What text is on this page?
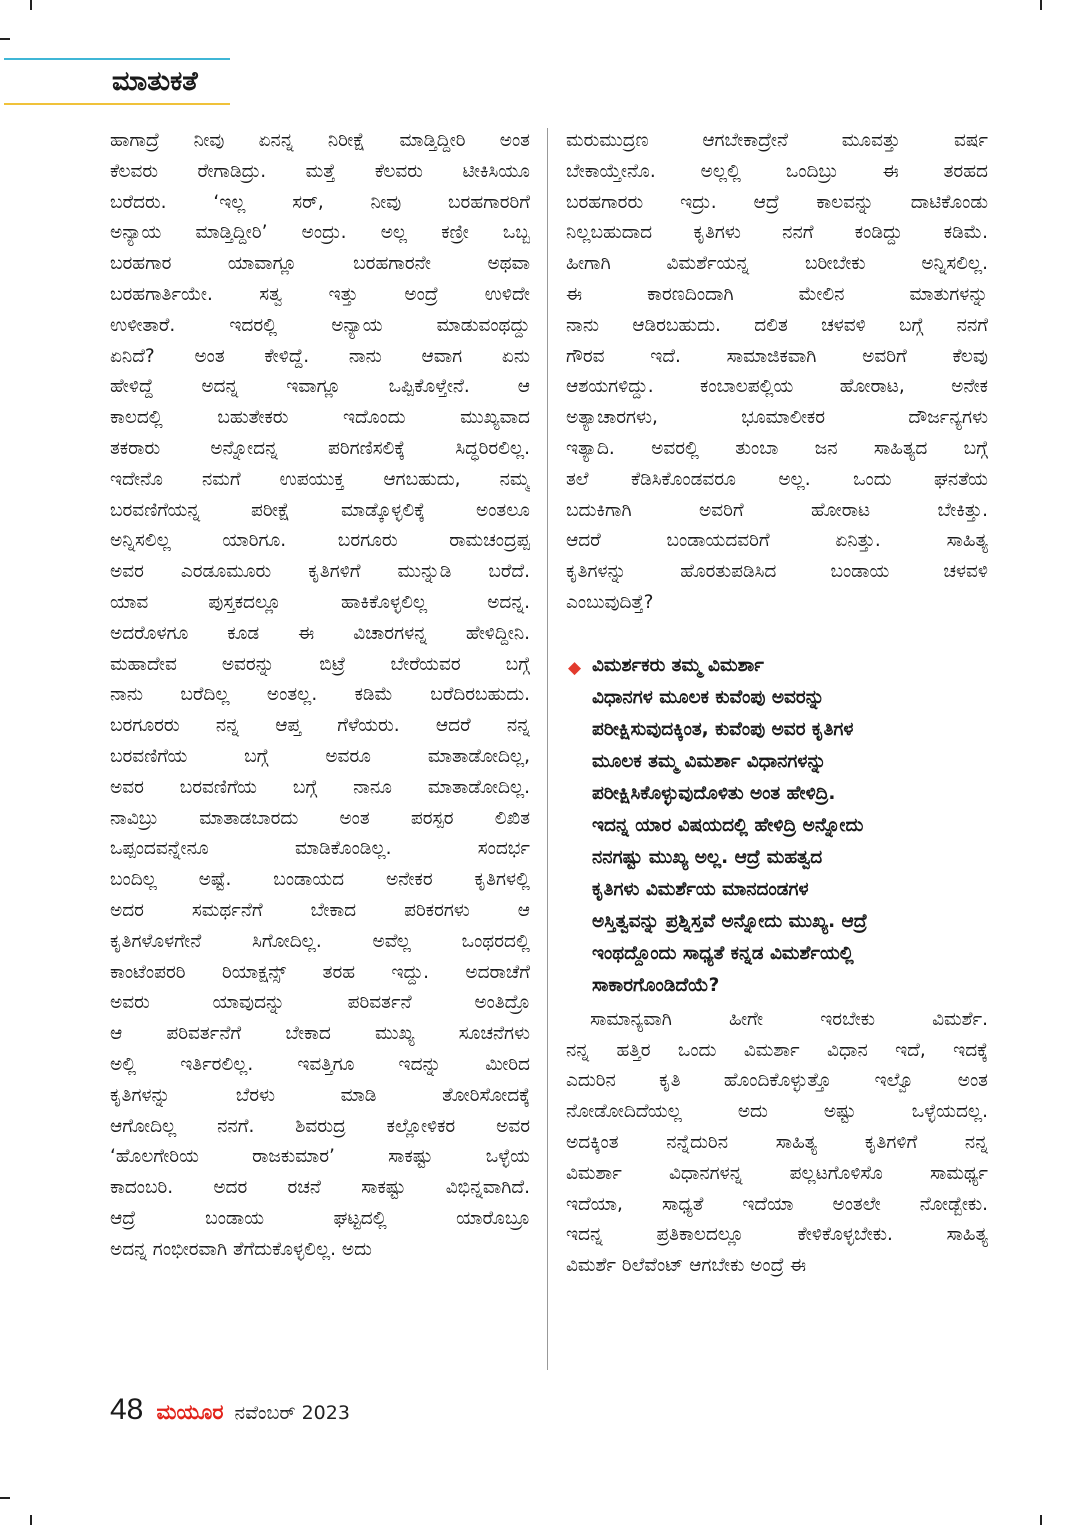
ಮಾತುಕತೆ
ಹಾಗಾದ್ರೆ ನೀವು ಏನನ್ನ ನಿರೀಕ್ಷೆ ಮಾಡ್ತಿದ್ದೀರಿ ಅಂತ
ಕೆಲವರು ರೇಗಾಡಿದ್ರು. ಮತ್ತೆ ಕೆಲವರು ಟೀಕಿಸಿಯೂ
ಬರೆದರು. ‘ಇಲ್ಲ ಸರ್, ನೀವು ಬರಹಗಾರರಿಗೆ
ಅನ್ಯಾಯ ಮಾಡ್ತಿದ್ದೀರಿ’ ಅಂದ್ರು. ಅಲ್ಲ ಕಣ್ರೀ ಒಬ್ಬ
ಬರಹಗಾರ ಯಾವಾಗ್ಲೂ ಬರಹಗಾರನೇ ಅಥವಾ
ಬರಹಗಾರ್ತಿಯೇ. ಸತ್ವ ಇತ್ತು ಅಂದ್ರೆ ಉಳಿದೇ
ಉಳೀತಾರೆ. ಇದರಲ್ಲಿ ಅನ್ಯಾಯ ಮಾಡುವಂಥದ್ದು
ಏನಿದೆ? ಅಂತ ಕೇಳಿದ್ದೆ. ನಾನು ಆವಾಗ ಏನು
ಹೇಳಿದ್ದೆ ಅದನ್ನ ಇವಾಗ್ಲೂ ಒಪ್ಪಿಕೊಳ್ತೇನೆ. ಆ
ಕಾಲದಲ್ಲಿ ಬಹುತೇಕರು ಇದೊಂದು ಮುಖ್ಯವಾದ
ತಕರಾರು ಅನ್ನೋದನ್ನ ಪರಿಗಣಿಸಲಿಕ್ಕೆ ಸಿದ್ಧರಿರಲಿಲ್ಲ.
ಇದೇನೊ ನಮಗೆ ಉಪಯುಕ್ತ ಆಗಬಹುದು, ನಮ್ಮ
ಬರವಣಿಗೆಯನ್ನ ಪರೀಕ್ಷೆ ಮಾಡ್ಕೊಳ್ಳಲಿಕ್ಕೆ ಅಂತಲೂ
ಅನ್ನಿಸಲಿಲ್ಲ ಯಾರಿಗೂ. ಬರಗೂರು ರಾಮಚಂದ್ರಪ್ಪ
ಅವರ ಎರಡೂಮೂರು ಕೃತಿಗಳಿಗೆ ಮುನ್ನುಡಿ ಬರೆದೆ.
ಯಾವ ಪುಸ್ತಕದಲ್ಲೂ ಹಾಕಿಕೊಳ್ಳಲಿಲ್ಲ ಅದನ್ನ.
ಅದರೊಳಗೂ ಕೂಡ ಈ ವಿಚಾರಗಳನ್ನ ಹೇಳಿದ್ದೀನಿ.
ಮಹಾದೇವ ಅವರನ್ನು ಬಿಟ್ರೆ ಬೇರೆಯವರ ಬಗ್ಗೆ
ನಾನು ಬರೆದಿಲ್ಲ ಅಂತಲ್ಲ. ಕಡಿಮೆ ಬರೆದಿರಬಹುದು.
ಬರಗೂರರು ನನ್ನ ಆಪ್ತ ಗೆಳೆಯರು. ಆದರೆ ನನ್ನ
ಬರವಣಿಗೆಯ ಬಗ್ಗೆ ಅವರೂ ಮಾತಾಡೋದಿಲ್ಲ,
ಅವರ ಬರವಣಿಗೆಯ ಬಗ್ಗೆ ನಾನೂ ಮಾತಾಡೋದಿಲ್ಲ.
ನಾವಿಬ್ರು ಮಾತಾಡಬಾರದು ಅಂತ ಪರಸ್ಪರ ಲಿಖಿತ
ಒಪ್ಪಂದವನ್ನೇನೂ ಮಾಡಿಕೊಂಡಿಲ್ಲ. ಸಂದರ್ಭ
ಬಂದಿಲ್ಲ ಅಷ್ಟೆ. ಬಂಡಾಯದ ಅನೇಕರ ಕೃತಿಗಳಲ್ಲಿ
ಅದರ ಸಮರ್ಥನೆಗೆ ಬೇಕಾದ ಪರಿಕರಗಳು ಆ
ಕೃತಿಗಳೊಳಗೇನೆ ಸಿಗೋದಿಲ್ಲ. ಅವೆಲ್ಲ ಒಂಥರದಲ್ಲಿ
ಕಾಂಟೆಂಪರರಿ ರಿಯಾಕ್ಷನ್ಸ್ ತರಹ ಇದ್ದು. ಅದರಾಚೆಗೆ
ಅವರು ಯಾವುದನ್ನು ಪರಿವರ್ತನೆ ಅಂತಿದ್ರೊ
ಆ ಪರಿವರ್ತನೆಗೆ ಬೇಕಾದ ಮುಖ್ಯ ಸೂಚನೆಗಳು
ಅಲ್ಲಿ ಇರ್ತಿರಲಿಲ್ಲ. ಇವತ್ತಿಗೂ ಇದನ್ನು ಮೀರಿದ
ಕೃತಿಗಳನ್ನು ಬೆರಳು ಮಾಡಿ ತೋರಿಸೋದಕ್ಕೆ
ಆಗೋದಿಲ್ಲ ನನಗೆ. ಶಿವರುದ್ರ ಕಲ್ಲೋಳಿಕರ ಅವರ
‘ಹೊಲಗೇರಿಯ ರಾಜಕುಮಾರ’ ಸಾಕಷ್ಟು ಒಳ್ಳೆಯ
ಕಾದಂಬರಿ. ಅದರ ರಚನೆ ಸಾಕಷ್ಟು ವಿಭಿನ್ನವಾಗಿದೆ.
ಆದ್ರೆ ಬಂಡಾಯ ಘಟ್ಟದಲ್ಲಿ ಯಾರೊಬ್ರೂ
ಅದನ್ನ ಗಂಭೀರವಾಗಿ ತೆಗೆದುಕೊಳ್ಳಲಿಲ್ಲ. ಅದು
ಮರುಮುದ್ರಣ ಆಗಬೇಕಾದ್ರೇನೆ ಮೂವತ್ತು ವರ್ಷ
ಬೇಕಾಯ್ತೇನೊ. ಅಲ್ಲಲ್ಲಿ ಒಂದಿಬ್ರು ಈ ತರಹದ
ಬರಹಗಾರರು ಇದ್ರು. ಆದ್ರೆ ಕಾಲವನ್ನು ದಾಟಿಕೊಂಡು
ನಿಲ್ಲಬಹುದಾದ ಕೃತಿಗಳು ನನಗೆ ಕಂಡಿದ್ದು ಕಡಿಮೆ.
ಹೀಗಾಗಿ ವಿಮರ್ಶೆಯನ್ನ ಬರೀಬೇಕು ಅನ್ನಿಸಲಿಲ್ಲ.
ಈ ಕಾರಣದಿಂದಾಗಿ ಮೇಲಿನ ಮಾತುಗಳನ್ನು
ನಾನು ಆಡಿರಬಹುದು. ದಲಿತ ಚಳವಳಿ ಬಗ್ಗೆ ನನಗೆ
ಗೌರವ ಇದೆ. ಸಾಮಾಜಿಕವಾಗಿ ಅವರಿಗೆ ಕೆಲವು
ಆಶಯಗಳಿದ್ದು. ಕಂಬಾಲಪಲ್ಲಿಯ ಹೋರಾಟ, ಅನೇಕ
ಅತ್ಯಾಚಾರಗಳು, ಭೂಮಾಲೀಕರ ದೌರ್ಜನ್ಯಗಳು
ಇತ್ಯಾದಿ. ಅವರಲ್ಲಿ ತುಂಬಾ ಜನ ಸಾಹಿತ್ಯದ ಬಗ್ಗೆ
ತಲೆ ಕೆಡಿಸಿಕೊಂಡವರೂ ಅಲ್ಲ. ಒಂದು ಘನತೆಯ
ಬದುಕಿಗಾಗಿ ಅವರಿಗೆ ಹೋರಾಟ ಬೇಕಿತ್ತು.
ಆದರೆ ಬಂಡಾಯದವರಿಗೆ ಏನಿತ್ತು. ಸಾಹಿತ್ಯ
ಕೃತಿಗಳನ್ನು ಹೊರತುಪಡಿಸಿದ ಬಂಡಾಯ ಚಳವಳಿ
ಎಂಬುವುದಿತ್ತೆ?
◆ ವಿಮರ್ಶಕರು ತಮ್ಮ ವಿಮರ್ಶಾ
ವಿಧಾನಗಳ ಮೂಲಕ ಕುವೆಂಪು ಅವರನ್ನು
ಪರೀಕ್ಷಿಸುವುದಕ್ಕಿಂತ, ಕುವೆಂಪು ಅವರ ಕೃತಿಗಳ
ಮೂಲಕ ತಮ್ಮ ವಿಮರ್ಶಾ ವಿಧಾನಗಳನ್ನು
ಪರೀಕ್ಷಿಸಿಕೊಳ್ಳುವುದೊಳಿತು ಅಂತ ಹೇಳಿದ್ರಿ.
ಇದನ್ನ ಯಾರ ವಿಷಯದಲ್ಲಿ ಹೇಳಿದ್ರಿ ಅನ್ನೋದು
ನನಗಷ್ಟು ಮುಖ್ಯ ಅಲ್ಲ. ಆದ್ರೆ ಮಹತ್ವದ
ಕೃತಿಗಳು ವಿಮರ್ಶೆಯ ಮಾನದಂಡಗಳ
ಅಸ್ತಿತ್ವವನ್ನು ಪ್ರಶ್ನಿಸ್ತವೆ ಅನ್ನೋದು ಮುಖ್ಯ. ಆದ್ರೆ
ಇಂಥದ್ದೊಂದು ಸಾಧ್ಯತೆ ಕನ್ನಡ ವಿಮರ್ಶೆಯಲ್ಲಿ
ಸಾಕಾರಗೊಂಡಿದೆಯೆ?
ಸಾಮಾನ್ಯವಾಗಿ ಹೀಗೇ ಇರಬೇಕು ವಿಮರ್ಶೆ.
ನನ್ನ ಹತ್ತಿರ ಒಂದು ವಿಮರ್ಶಾ ವಿಧಾನ ಇದೆ, ಇದಕ್ಕೆ
ಎದುರಿನ ಕೃತಿ ಹೊಂದಿಕೊಳ್ಳುತ್ತೊ ಇಲ್ವೊ ಅಂತ
ನೋಡೋದಿದೆಯಲ್ಲ ಅದು ಅಷ್ಟು ಒಳ್ಳೆಯದಲ್ಲ.
ಅದಕ್ಕಿಂತ ನನ್ನೆದುರಿನ ಸಾಹಿತ್ಯ ಕೃತಿಗಳಿಗೆ ನನ್ನ
ವಿಮರ್ಶಾ ವಿಧಾನಗಳನ್ನ ಪಲ್ಲಟಗೊಳಿಸೊ ಸಾಮರ್ಥ್ಯ
ಇದೆಯಾ, ಸಾಧ್ಯತೆ ಇದೆಯಾ ಅಂತಲೇ ನೋಡ್ಬೇಕು.
ಇದನ್ನ ಪ್ರತಿಕಾಲದಲ್ಲೂ ಕೇಳಿಕೊಳ್ಳಬೇಕು. ಸಾಹಿತ್ಯ
ವಿಮರ್ಶೆ ರಿಲೆವೆಂಟ್ ಆಗಬೇಕು ಅಂದ್ರೆ ಈ
48 ಮಯೂರ ನವೆಂಬರ್ 2023
